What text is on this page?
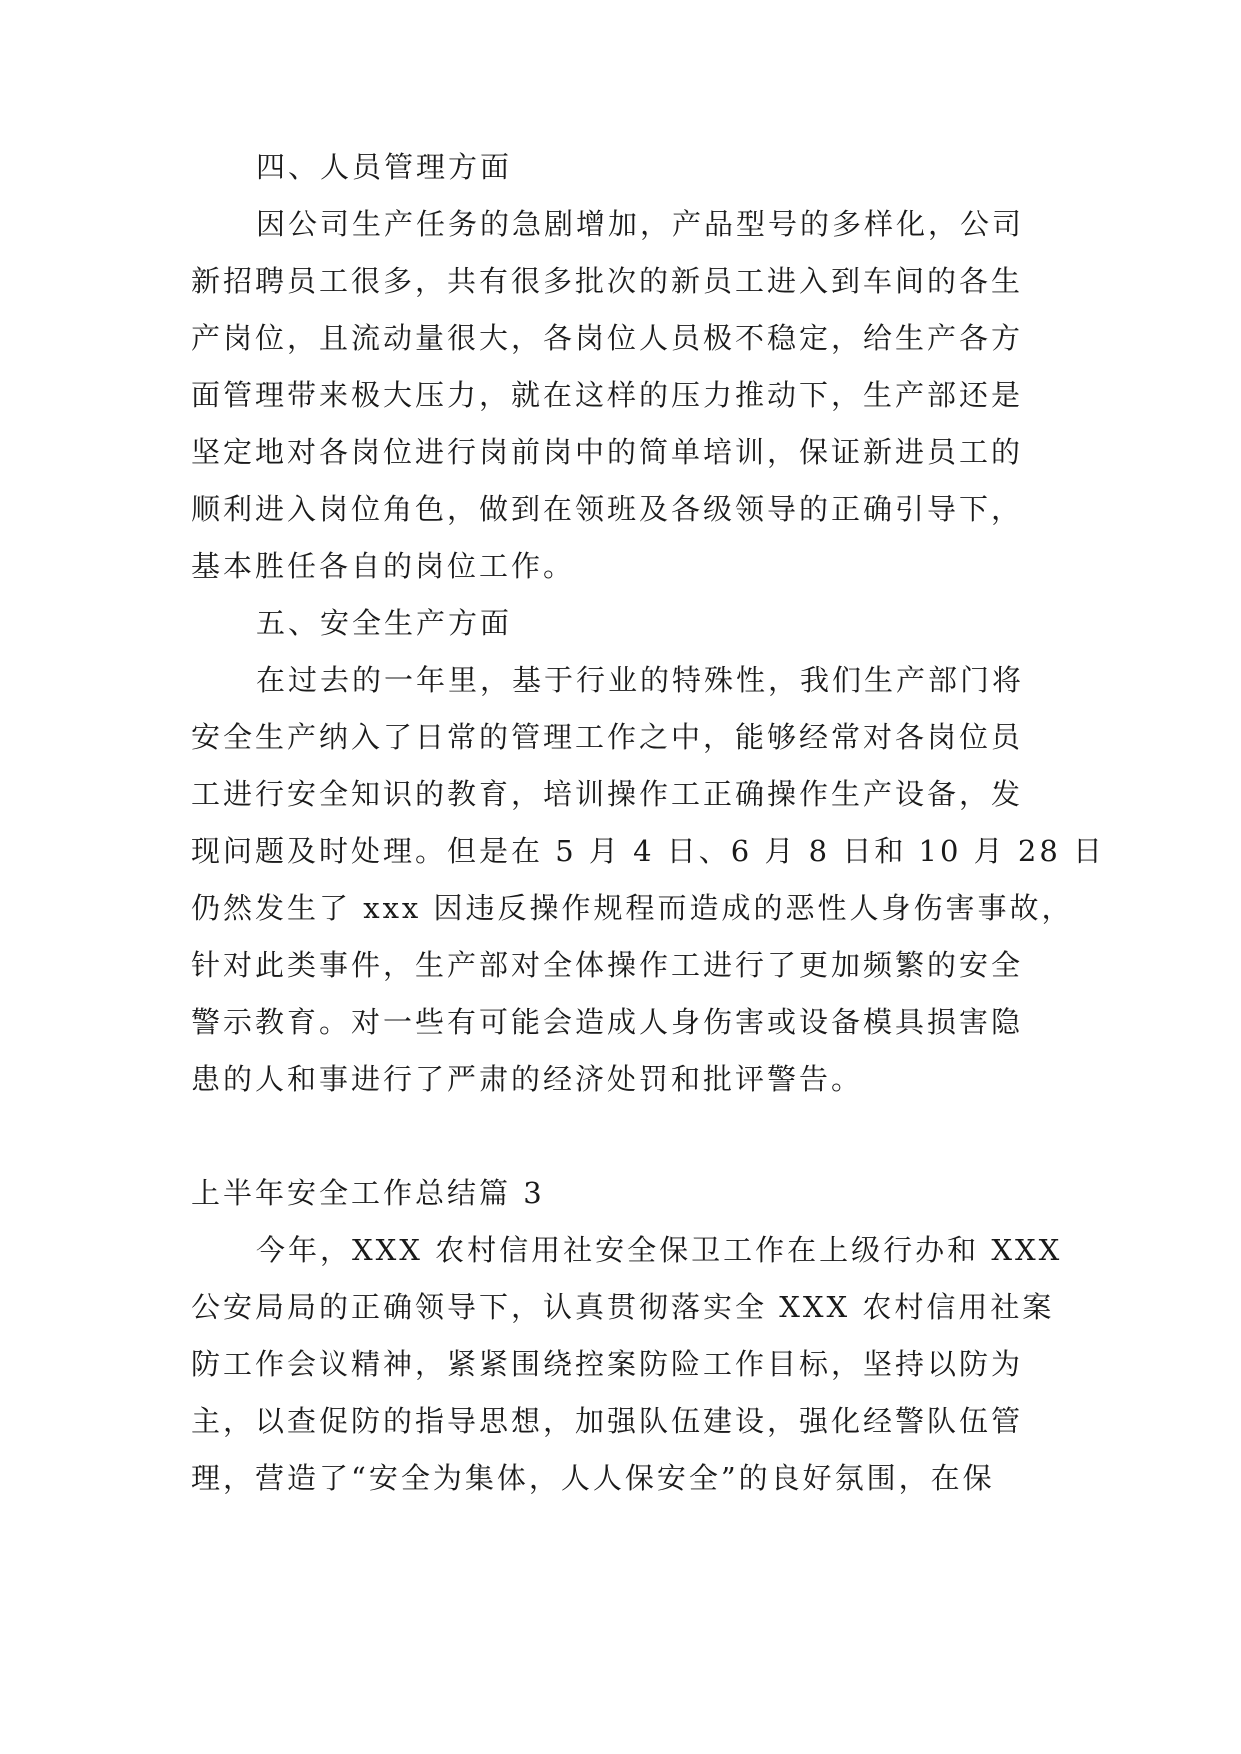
四、人员管理方面

因公司生产任务的急剧增加，产品型号的多样化，公司

新招聘员工很多，共有很多批次的新员工进入到车间的各生

产岗位，且流动量很大，各岗位人员极不稳定，给生产各方

面管理带来极大压力，就在这样的压力推动下，生产部还是

坚定地对各岗位进行岗前岗中的简单培训，保证新进员工的

顺利进入岗位角色，做到在领班及各级领导的正确引导下，

基本胜任各自的岗位工作。

五、安全生产方面

在过去的一年里，基于行业的特殊性，我们生产部门将

安全生产纳入了日常的管理工作之中，能够经常对各岗位员

工进行安全知识的教育，培训操作工正确操作生产设备，发

现问题及时处理。但是在 5 月 4 日、6 月 8 日和 10 月 28 日

仍然发生了 xxx 因违反操作规程而造成的恶性人身伤害事故，

针对此类事件，生产部对全体操作工进行了更加频繁的安全

警示教育。对一些有可能会造成人身伤害或设备模具损害隐

患的人和事进行了严肃的经济处罚和批评警告。

上半年安全工作总结篇 3

今年，XXX 农村信用社安全保卫工作在上级行办和 XXX

公安局局的正确领导下，认真贯彻落实全 XXX 农村信用社案

防工作会议精神，紧紧围绕控案防险工作目标，坚持以防为

主，以查促防的指导思想，加强队伍建设，强化经警队伍管

理，营造了“安全为集体，人人保安全”的良好氛围，在保
